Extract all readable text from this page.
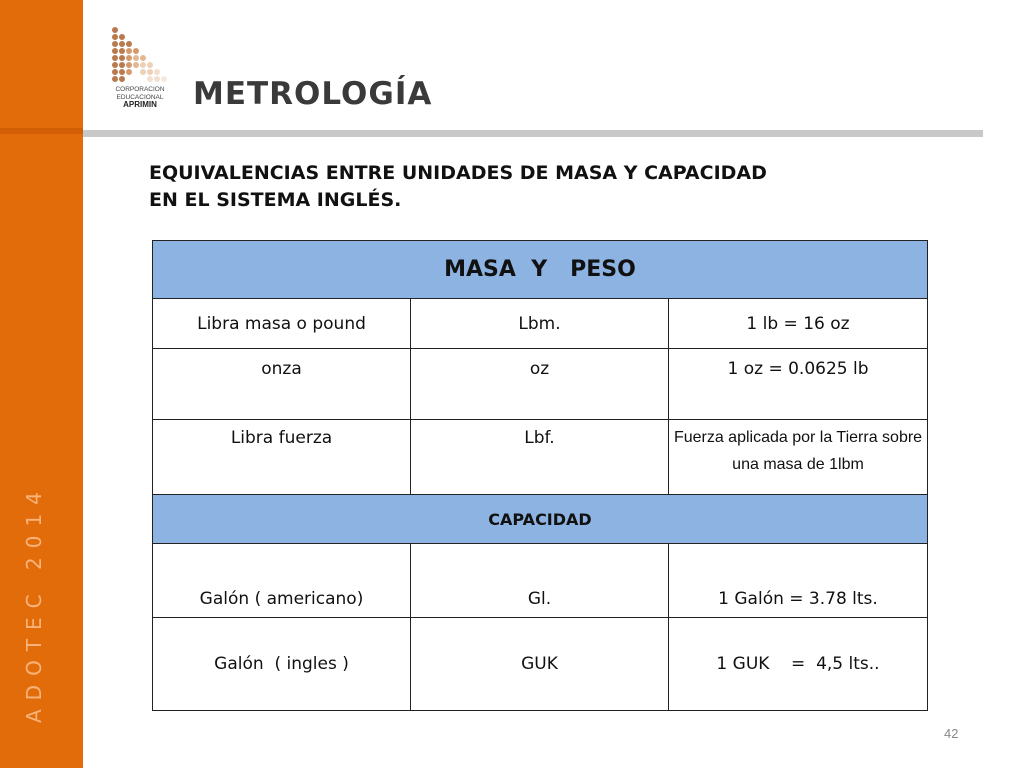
ADOTEC 2014
CORPORACION
EDUCACIONAL
APRIMIN	METROLOGÍA
EQUIVALENCIAS ENTRE UNIDADES DE MASA Y CAPACIDAD
EN EL SISTEMA INGLÉS.
MASA  Y   PESO		
Libra masa o pound	Lbm.	1 lb = 16 oz
onza	oz	1 oz = 0.0625 lb
Libra fuerza	Lbf.	Fuerza aplicada por la Tierra sobre una masa de 1lbm
CAPACIDAD		
Galón ( americano)	Gl.	1 Galón = 3.78 lts.
Galón  ( ingles )	GUK	1 GUK    =  4,5 lts..
42
